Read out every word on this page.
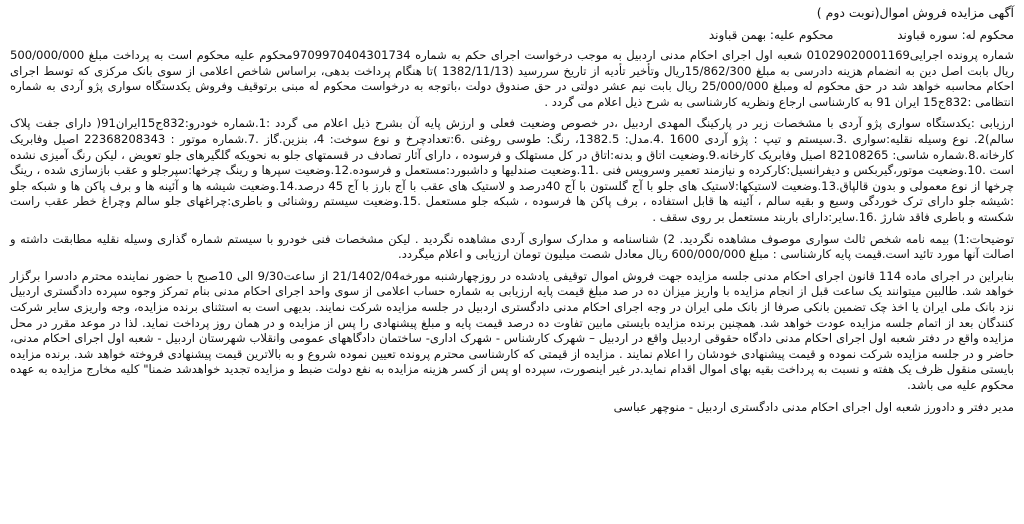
آگهی مزایده فروش اموال(نوبت دوم )
محکوم له: سوره قباوند محکوم علیه: بهمن قباوند

شماره پرونده اجرایی01029020001169 شعبه اول اجرای احکام مدنی اردبیل به موجب درخواست اجرای حکم به شماره 9709970404301734محکوم علیه محکوم است به پرداخت مبلغ 500/000/000 ریال بابت اصل دین به انضمام هزینه دادرسی به مبلغ 15/862/300ریال وتأخیر تأدیه از تاریخ سررسید (1382/11/13 )تا هنگام پرداخت بدهی، براساس شاخص اعلامی از سوی بانک مرکزی که توسط اجرای احکام محاسبه خواهد شد در حق محکوم له ومبلغ 25/000/000 ریال بابت نیم عشر دولتی در حق صندوق دولت ،باتوجه به درخواست محکوم له مبنی برتوقیف وفروش یکدستگاه سواری پژو آردی به شماره انتظامی :832ج15 ایران 91 به کارشناسی ارجاع ونظریه کارشناسی به شرح ذیل اعلام می گردد .

ارزیابی :یکدستگاه سواری پژو آردی با مشخصات زیر در پارکینگ المهدی اردبیل ،در خصوص وضعیت فعلی و ارزش پایه آن بشرح ذیل اعلام می گردد :1.شماره خودرو:832ج15ایران91( دارای جفت پلاک سالم)2. نوع وسیله نقلیه:سواری .3.سیستم و تیپ : پژو آردی 1600 .4.مدل: 1382.5، رنگ: طوسی روغنی .6:تعدادچرخ و نوع سوخت: 4، بنزین.گاز .7.شماره موتور : 22368208343 اصیل وفابریک کارخانه.8.شماره شاسی: 82108265 اصیل وفابریک کارخانه.9.وضعیت اتاق و بدنه:اتاق در کل مستهلک و فرسوده ، دارای آثار تصادف در قسمتهای جلو به نحویکه گلگیرهای جلو تعویض ، لیکن رنگ آمیزی نشده است .10.وضعیت موتور،گیربکس و دیفرانسیل:کارکرده و نیازمند تعمیر وسرویس فنی .11.وضعیت صندلیها و داشبورد:مستعمل و فرسوده.12.وضعیت سپرها و رینگ چرخها:سپرجلو و عقب بازسازی شده ، رینگ چرخها از نوع معمولی و بدون قالپاق.13.وضعیت لاستیکها:لاستیک های جلو با آج گلستون با آج 40درصد و لاستیک های عقب با آج بارز با آج 45 درصد.14.وضعیت شیشه ها و آئینه ها و برف پاکن ها و شبکه جلو :شیشه جلو دارای ترک خوردگی وسیع و بقیه سالم ، آئینه ها قابل استفاده ، برف پاکن ها فرسوده ، شبکه جلو مستعمل .15.وضعیت سیستم روشنائی و باطری:چراغهای جلو سالم وچراغ خطر عقب راست شکسته و باطری فاقد شارژ .16.سایر:دارای باربند مستعمل بر روی سقف .

توضیحات:1) بیمه نامه شخص ثالث سواری موصوف مشاهده نگردید. 2) شناسنامه و مدارک سواری آردی مشاهده نگردید . لیکن مشخصات فنی خودرو با سیستم شماره گذاری وسیله نقلیه مطابقت داشته و اصالت آنها مورد تائید است.قیمت پایه کارشناسی : مبلغ 600/000/000 ریال معادل شصت میلیون تومان ارزیابی و اعلام میگردد.

بنابراین در اجرای ماده 114 قانون اجرای احکام مدنی جلسه مزایده جهت فروش اموال توقیفی یادشده در روزچهارشنبه مورخه21/1402/04 از ساعت9/30 الی 10صبح با حضور نماینده محترم دادسرا برگزار خواهد شد. طالبین میتوانند یک ساعت قبل از انجام مزایده با واریز میزان ده در صد مبلغ قیمت پایه ارزیابی به شماره حساب اعلامی از سوی واحد اجرای احکام مدنی بنام تمرکز وجوه سپرده دادگستری اردبیل نزد بانک ملی ایران یا اخذ چک تضمین بانکی صرفا از بانک ملی ایران در وجه اجرای احکام مدنی دادگستری اردبیل در جلسه مزایده شرکت نمایند. بدیهی است به استثنای برنده مزایده، وجه واریزی سایر شرکت کنندگان بعد از اتمام جلسه مزایده عودت خواهد شد. همچنین برنده مزایده بایستی مابین تفاوت ده درصد قیمت پایه و مبلغ پیشنهادی را پس از مزایده و در همان روز پرداخت نماید. لذا در موعد مقرر در محل مزایده واقع در دفتر شعبه اول اجرای احکام مدنی دادگاه حقوقی اردبیل واقع در اردبیل – شهرک کارشناس - شهرک اداری- ساختمان دادگاههای عمومی وانقلاب شهرستان اردبیل - شعبه اول اجرای احکام مدنی، حاضر و در جلسه مزایده شرکت نموده و قیمت پیشنهادی خودشان را اعلام نمایند . مزایده از قیمتی که کارشناسی محترم پرونده تعیین نموده شروع و به بالاترین قیمت پیشنهادی فروخته خواهد شد. برنده مزایده بایستی منقول ظرف یک هفته و نسبت به پرداخت بقیه بهای اموال اقدام نماید.در غیر اینصورت، سپرده او پس از کسر هزینه مزایده به نفع دولت ضبط و مزایده تجدید خواهدشد ضمنا" کلیه مخارج مزایده به عهده محکوم علیه می باشد.

مدیر دفتر و دادورز شعبه اول اجرای احکام مدنی دادگستری اردبیل - منوچهر عباسی
